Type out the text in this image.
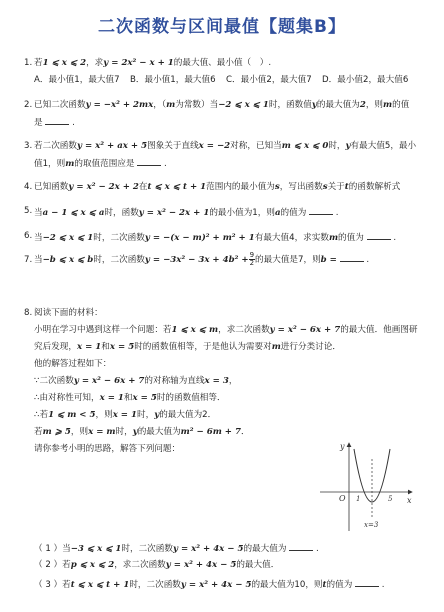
二次函数与区间最值【题集B】
1. 若1 ⩽ x ⩽ 2，求y = 2x² − x + 1的最大值、最小值（　）.
A．最小值1，最大值7 B．最小值1，最大值6 C．最小值2，最大值7 D．最小值2，最大值6
2. 已知二次函数y = −x² + 2mx，（m为常数）当−2 ⩽ x ⩽ 1时，函数值y的最大值为2，则m的值
是	.
3. 若二次函数y = x² + ax + 5图象关于直线x = −2对称，已知当m ⩽ x ⩽ 0时，y有最大值5，最小
值1，则m的取值范围应是	.
4. 已知函数y = x² − 2x + 2在t ⩽ x ⩽ t + 1范围内的最小值为s，写出函数s关于t的函数解析式
5. 当a − 1 ⩽ x ⩽ a时，函数y = x² − 2x + 1的最小值为1，则a的值为	.
6. 当−2 ⩽ x ⩽ 1时，二次函数y = −(x − m)² + m² + 1有最大值4，求实数m的值为	.
7. 当−b ⩽ x ⩽ b时，二次函数$y = -3x^2 - 3x + 4b^2 + \frac{9}{2}$ 的最大值是7，则b =	.
8. 阅读下面的材料：
小明在学习中遇到这样一个问题：若1 ⩽ x ⩽ m，求二次函数y = x² − 6x + 7的最大值．他画图研
究后发现，x = 1和x = 5时的函数值相等，于是他认为需要对m进行分类讨论．
他的解答过程如下：
∵二次函数y = x² − 6x + 7的对称轴为直线x = 3，
∴由对称性可知，x = 1和x = 5时的函数值相等．
∴若1 ⩽ m < 5，则x = 1时，y的最大值为2．
若m ⩾ 5，则x = m时，y的最大值为m² − 6m + 7．
请你参考小明的思路，解答下列问题：	y
O 1	5 x
x=3
（ 1 ）当−3 ⩽ x ⩽ 1时，二次函数y = x² + 4x − 5的最大值为	.
（ 2 ）若p ⩽ x ⩽ 2，求二次函数y = x² + 4x − 5的最大值．
（ 3 ）若t ⩽ x ⩽ t + 1时，二次函数y = x² + 4x − 5的最大值为10，则t的值为	.
